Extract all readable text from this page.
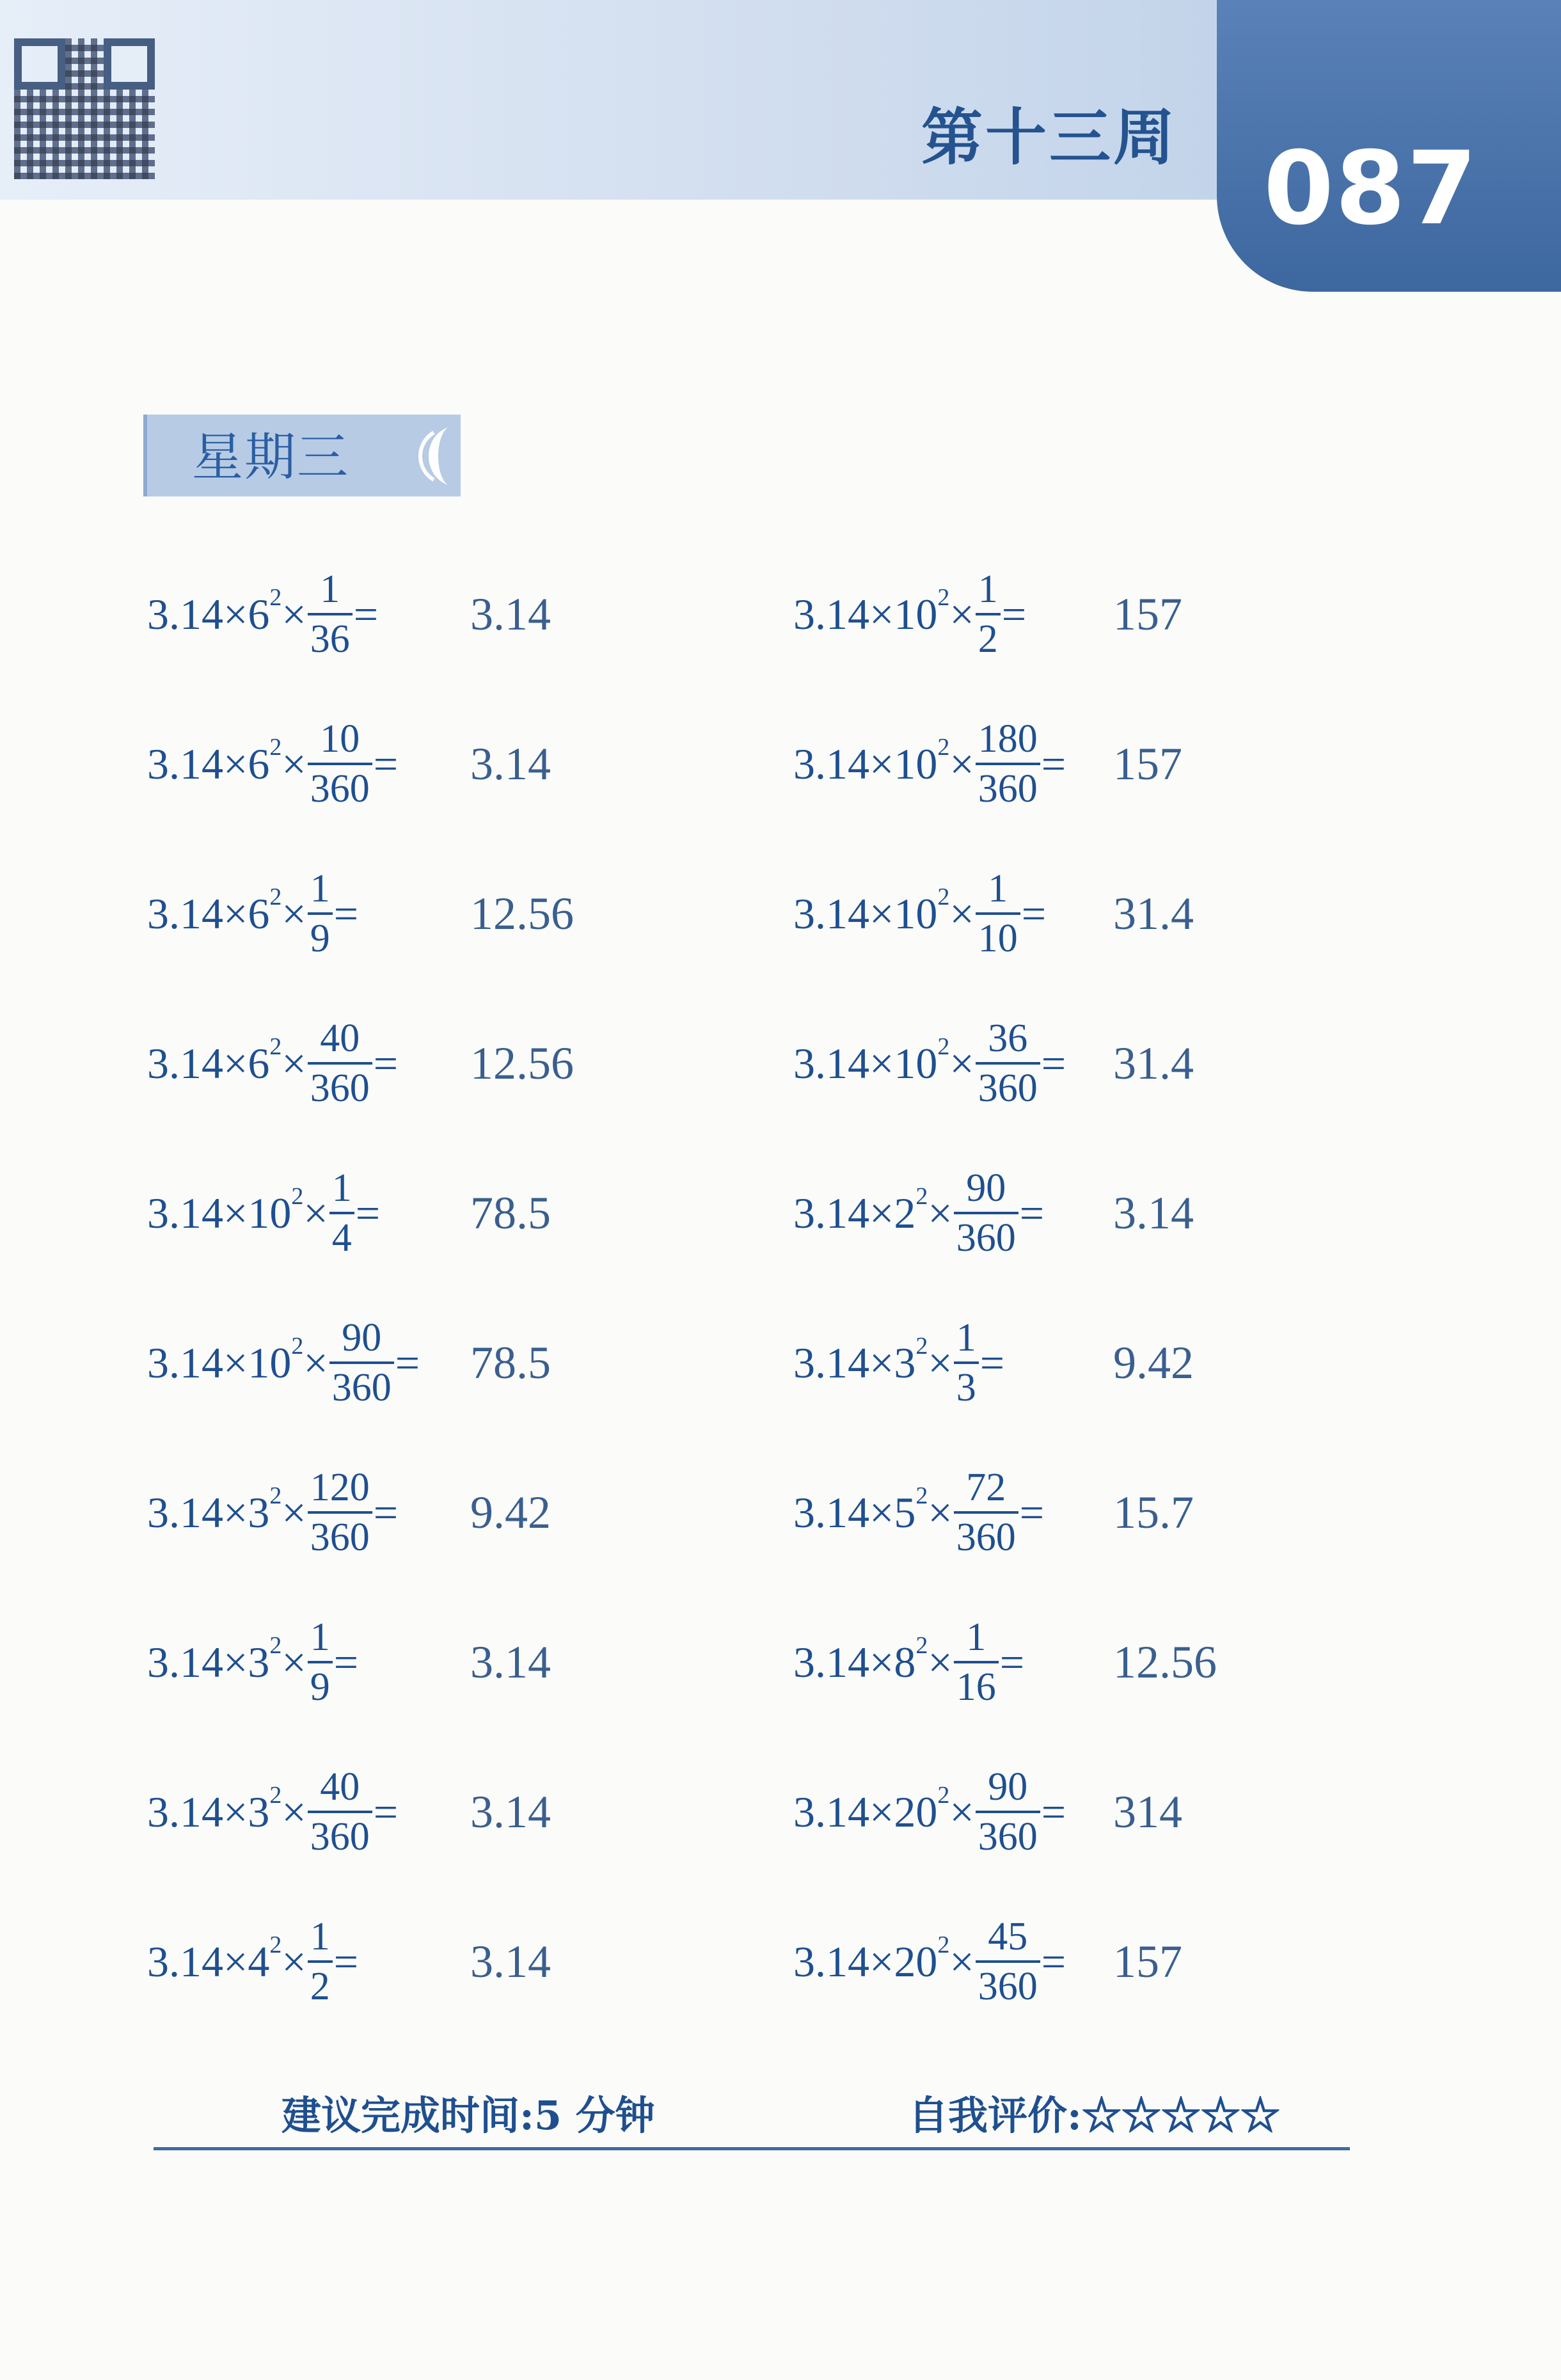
第十三周 087
星期三
$3.14 \times 6^2 \times \frac{1}{36} = 3.14$	$3.14 \times 10^2 \times \frac{1}{2} = 157$
$3.14 \times 6^2 \times \frac{10}{360} = 3.14$	$3.14 \times 10^2 \times \frac{180}{360} = 157$
$3.14 \times 6^2 \times \frac{1}{9} = 12.56$	$3.14 \times 10^2 \times \frac{1}{10} = 31.4$
$3.14 \times 6^2 \times \frac{40}{360} = 12.56$	$3.14 \times 10^2 \times \frac{36}{360} = 31.4$
$3.14 \times 10^2 \times \frac{1}{4} = 78.5$	$3.14 \times 2^2 \times \frac{90}{360} = 3.14$
$3.14 \times 10^2 \times \frac{90}{360} = 78.5$	$3.14 \times 3^2 \times \frac{1}{3} = 9.42$
$3.14 \times 3^2 \times \frac{120}{360} = 9.42$	$3.14 \times 5^2 \times \frac{72}{360} = 15.7$
$3.14 \times 3^2 \times \frac{1}{9} = 3.14$	$3.14 \times 8^2 \times \frac{1}{16} = 12.56$
$3.14 \times 3^2 \times \frac{40}{360} = 3.14$	$3.14 \times 20^2 \times \frac{90}{360} = 314$
$3.14 \times 4^2 \times \frac{1}{2} = 3.14$	$3.14 \times 20^2 \times \frac{45}{360} = 157$
建议完成时间:5 分钟	自我评价:☆☆☆☆☆
